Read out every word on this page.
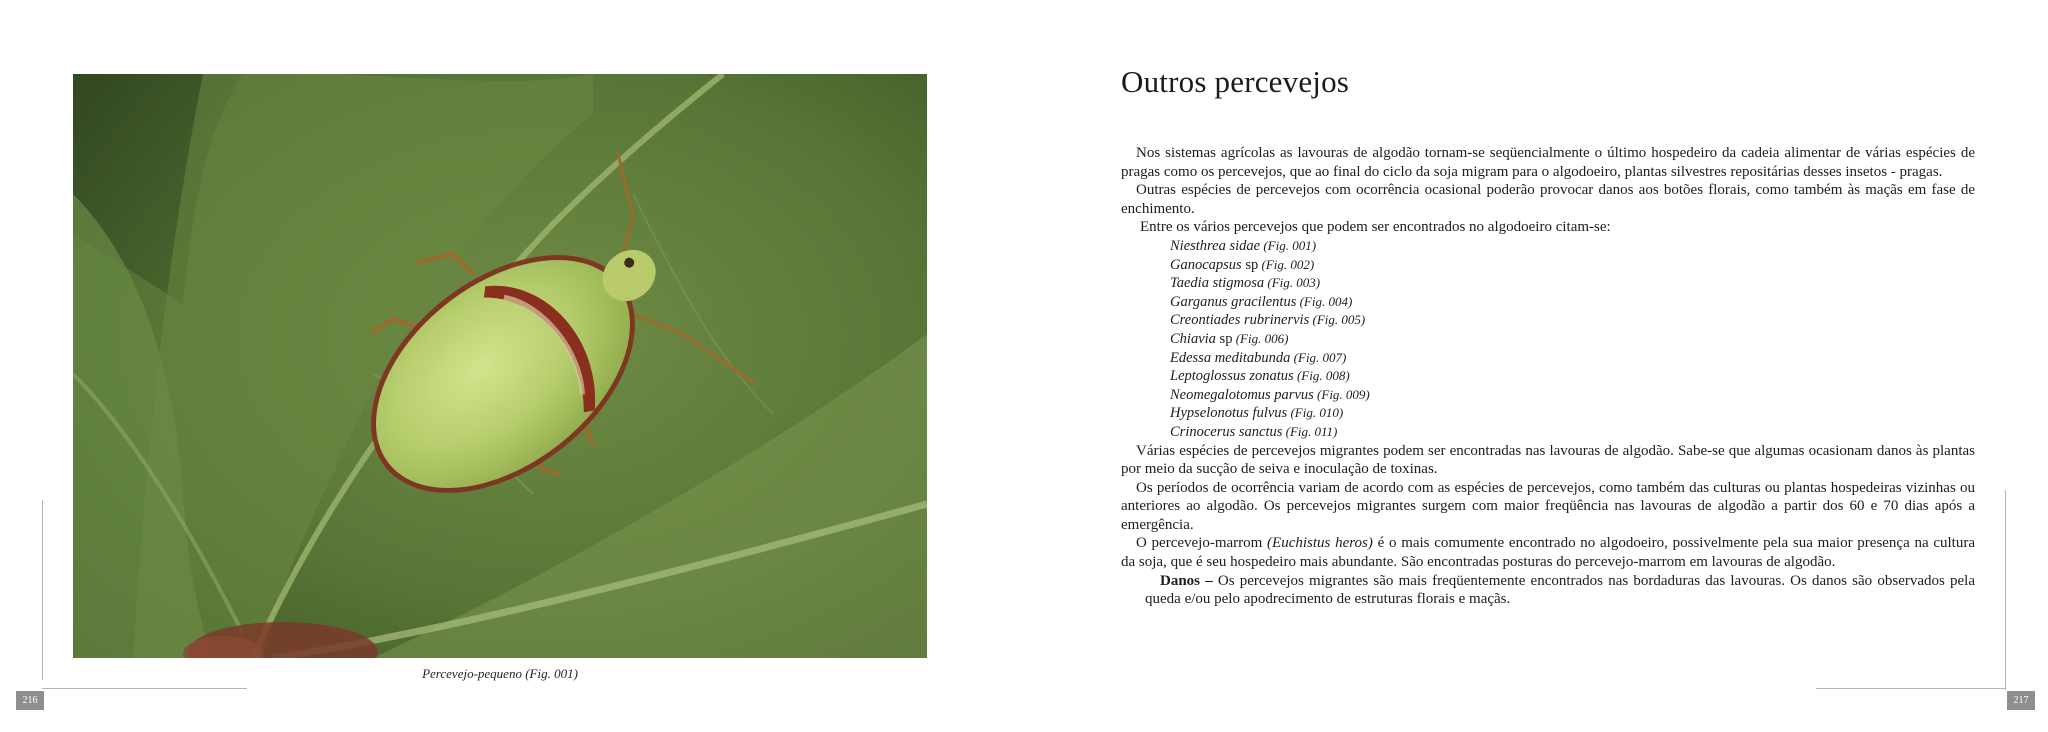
Percevejo-pequeno (Fig. 001)
216
Outros percevejos

Nos sistemas agrícolas as lavouras de algodão tornam-se seqüencialmente o último hospedeiro da cadeia alimentar de várias espécies de pragas como os percevejos, que ao final do ciclo da soja migram para o algodoeiro, plantas silvestres repositárias desses insetos - pragas.

Outras espécies de percevejos com ocorrência ocasional poderão provocar danos aos botões florais, como também às maçãs em fase de enchimento.

Entre os vários percevejos que podem ser encontrados no algodoeiro citam-se:

Niesthrea sidae (Fig. 001)
Ganocapsus sp (Fig. 002)
Taedia stigmosa (Fig. 003)
Garganus gracilentus (Fig. 004)
Creontiades rubrinervis (Fig. 005)
Chiavia sp (Fig. 006)
Edessa meditabunda (Fig. 007)
Leptoglossus zonatus (Fig. 008)
Neomegalotomus parvus (Fig. 009)
Hypselonotus fulvus (Fig. 010)
Crinocerus sanctus (Fig. 011)

Várias espécies de percevejos migrantes podem ser encontradas nas lavouras de algodão. Sabe-se que algumas ocasionam danos às plantas por meio da sucção de seiva e inoculação de toxinas.

Os períodos de ocorrência variam de acordo com as espécies de percevejos, como também das culturas ou plantas hospedeiras vizinhas ou anteriores ao algodão. Os percevejos migrantes surgem com maior freqüência nas lavouras de algodão a partir dos 60 e 70 dias após a emergência.

O percevejo-marrom (Euchistus heros) é o mais comumente encontrado no algodoeiro, possivelmente pela sua maior presença na cultura da soja, que é seu hospedeiro mais abundante. São encontradas posturas do percevejo-marrom em lavouras de algodão.

Danos – Os percevejos migrantes são mais freqüentemente encontrados nas bordaduras das lavouras. Os danos são observados pela queda e/ou pelo apodrecimento de estruturas florais e maçãs.

217
